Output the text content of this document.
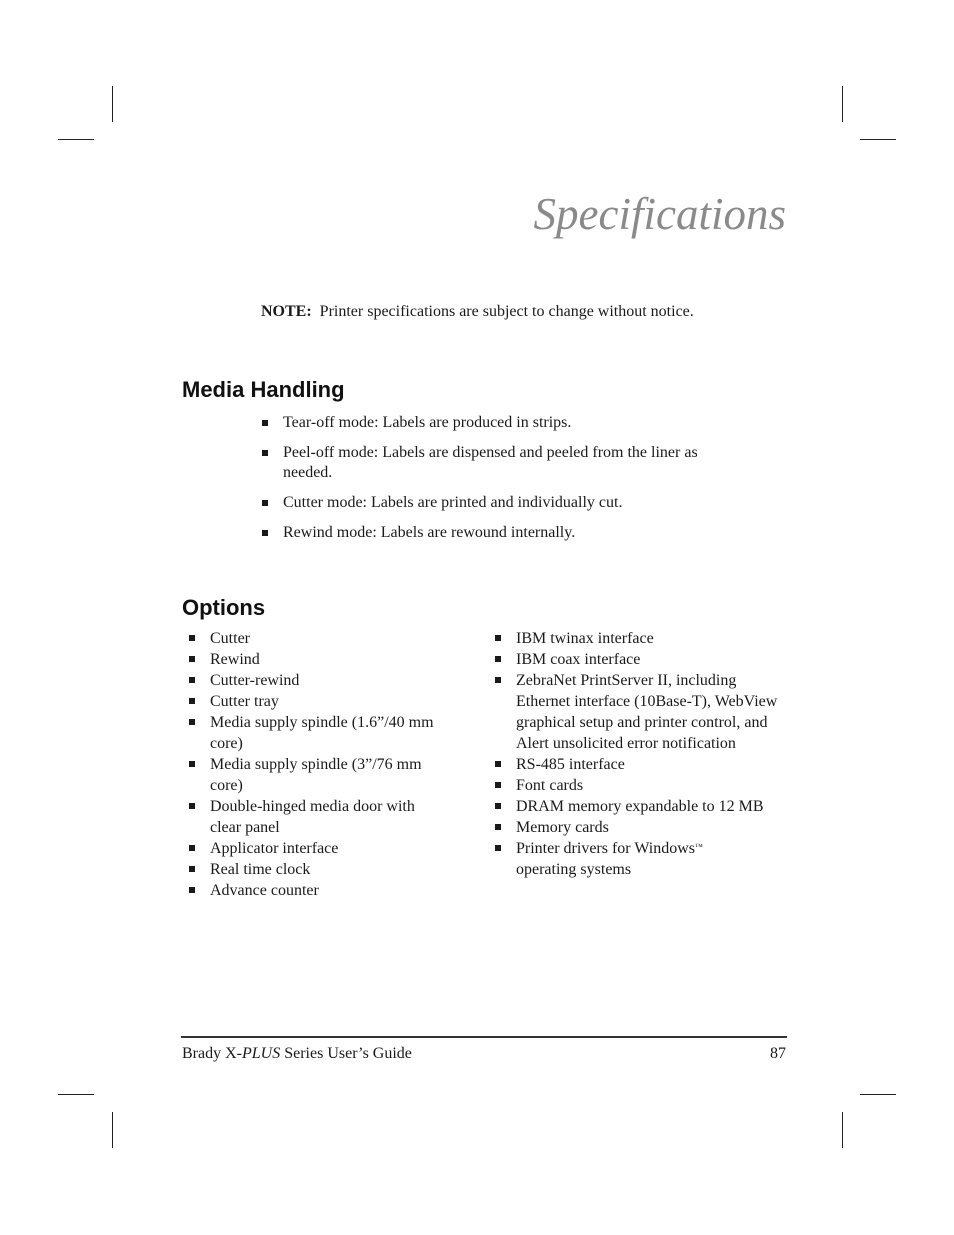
Specifications

NOTE: Printer specifications are subject to change without notice.

Media Handling
Tear-off mode: Labels are produced in strips.
Peel-off mode: Labels are dispensed and peeled from the liner as needed.
Cutter mode: Labels are printed and individually cut.
Rewind mode: Labels are rewound internally.
Options
Cutter
Rewind
Cutter-rewind
Cutter tray
Media supply spindle (1.6”/40 mm core)
Media supply spindle (3”/76 mm core)
Double-hinged media door with clear panel
Applicator interface
Real time clock
Advance counter
IBM twinax interface
IBM coax interface
ZebraNet PrintServer II, including Ethernet interface (10Base-T), WebView graphical setup and printer control, and Alert unsolicited error notification
RS-485 interface
Font cards
DRAM memory expandable to 12 MB
Memory cards
Printer drivers for Windows™
operating systems
Brady X-PLUS Series User’s Guide	87
